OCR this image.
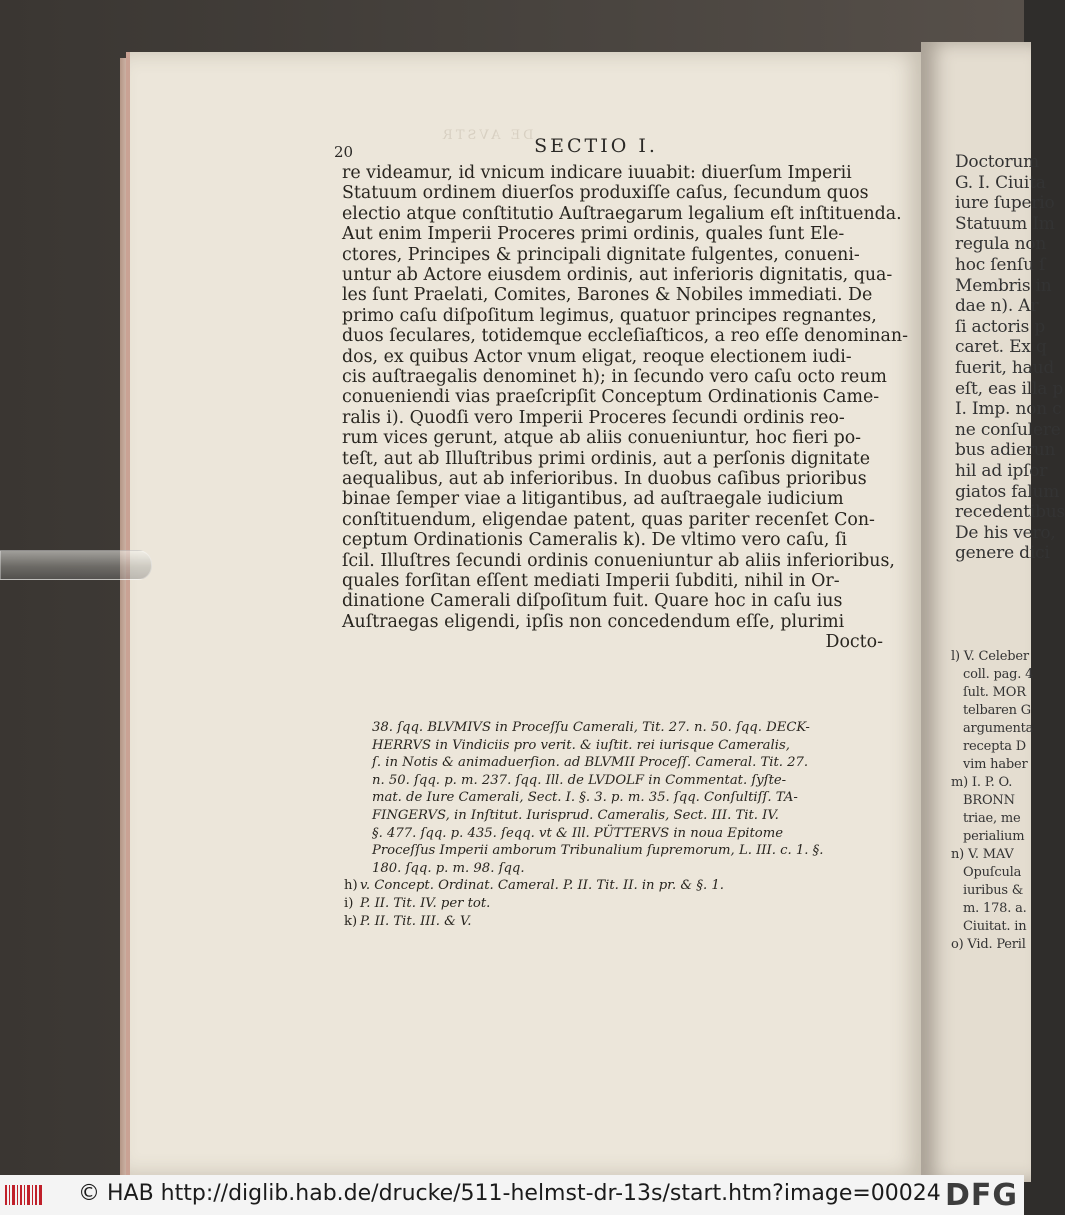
DE AVSTR
20	SECTIO I.
re videamur, id vnicum indicare iuuabit: diuerſum Imperii
Statuum ordinem diuerſos produxiſſe caſus, ſecundum quos
electio atque conſtitutio Auſtraegarum legalium eſt inſtituenda.
Aut enim Imperii Proceres primi ordinis, quales ſunt Ele-
ctores, Principes & principali dignitate fulgentes, conueni-
untur ab Actore eiusdem ordinis, aut inferioris dignitatis, qua-
les ſunt Praelati, Comites, Barones & Nobiles immediati. De
primo caſu diſpoſitum legimus, quatuor principes regnantes,
duos ſeculares, totidemque eccleſiaſticos, a reo eſſe denominan-
dos, ex quibus Actor vnum eligat, reoque electionem iudi-
cis auſtraegalis denominet h); in ſecundo vero caſu octo reum
conueniendi vias praeſcripſit Conceptum Ordinationis Came-
ralis i). Quodſi vero Imperii Proceres ſecundi ordinis reo-
rum vices gerunt, atque ab aliis conueniuntur, hoc fieri po-
teſt, aut ab Illuſtribus primi ordinis, aut a perſonis dignitate
aequalibus, aut ab inferioribus. In duobus caſibus prioribus
binae ſemper viae a litigantibus, ad auſtraegale iudicium
conſtituendum, eligendae patent, quas pariter recenſet Con-
ceptum Ordinationis Cameralis k). De vltimo vero caſu, ſi
ſcil. Illuſtres ſecundi ordinis conueniuntur ab aliis inferioribus,
quales forſitan eſſent mediati Imperii ſubditi, nihil in Or-
dinatione Camerali diſpoſitum fuit. Quare hoc in caſu ius
Auſtraegas eligendi, ipſis non concedendum eſſe, plurimi
Docto-
38. ſqq. BLVMIVS in Proceſſu Camerali, Tit. 27. n. 50. ſqq. DECK-
HERRVS in Vindiciis pro verit. & iuſtit. rei iurisque Cameralis,
ſ. in Notis & animaduerſion. ad BLVMII Proceſſ. Cameral. Tit. 27.
n. 50. ſqq. p. m. 237. ſqq. Ill. de LVDOLF in Commentat. ſyſte-
mat. de Iure Camerali, Sect. I. §. 3. p. m. 35. ſqq. Conſultiſſ. TA-
FINGERVS, in Inſtitut. Iurisprud. Cameralis, Sect. III. Tit. IV.
§. 477. ſqq. p. 435. ſeqq. vt & Ill. PÜTTERVS in noua Epitome
Proceſſus Imperii amborum Tribunalium ſupremorum, L. III. c. 1. §.
180. ſqq. p. m. 98. ſqq.
h) v. Concept. Ordinat. Cameral. P. II. Tit. II. in pr. & §. 1.
i) P. II. Tit. IV. per tot.
k) P. II. Tit. III. & V.
Doctorum
G. I. Ciuita
iure ſuperio
Statuum Im
regula non
hoc ſenſu ſ
Membris in
dae n). Ar
ſi actoris p
caret. Ex q
fuerit, haud
eſt, eas illa p
I. Imp. non c
ne conſulere
bus adierun
hil ad ipſor
giatos falum
recedentibus
De his vero,
genere dici
l) V. Celeber
coll. pag. 4
ſult. MOR
telbaren G
argumenta
recepta D
vim haber
m) I. P. O.
BRONN
triae, me
perialium
n) V. MAV
Opuſcula
iuribus &
m. 178. a.
Ciuitat. in
o) Vid. Peril
© HAB http://diglib.hab.de/drucke/511-helmst-dr-13s/start.htm?image=00024 DFG
